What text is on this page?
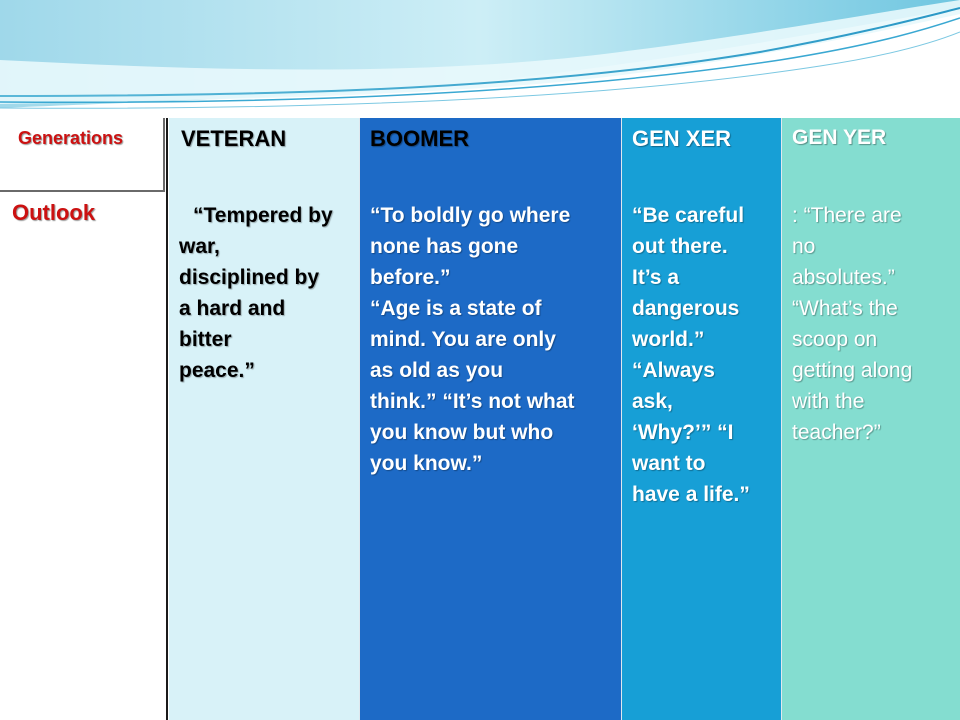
Generations
Outlook
VETERAN

“Tempered by

war,

disciplined by

a hard and

bitter

peace.”

BOOMER

“To boldly go where

none has gone

before.”

“Age is a state of

mind. You are only

as old as you

think.” “It’s not what

you know but who

you know.”

GEN XER

“Be careful

out there.

It’s a

dangerous

world.”

“Always

ask,

‘Why?’” “I

want to

have a life.”

GEN YER

: “There are

no

absolutes.”

“What’s the

scoop on

getting along

with the

teacher?”
